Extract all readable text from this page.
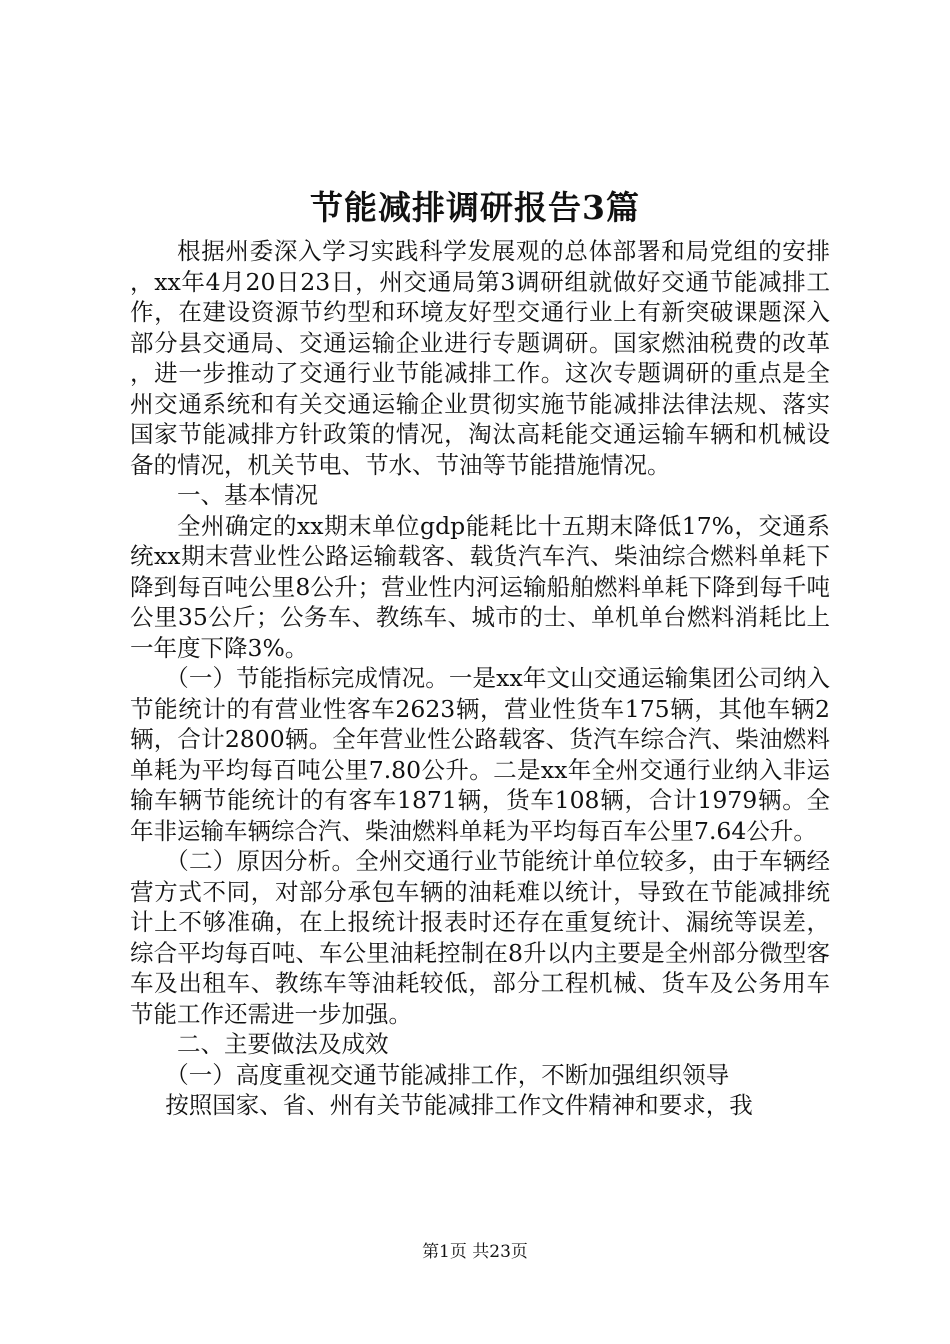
节能减排调研报告3篇

根据州委深入学习实践科学发展观的总体部署和局党组的安排，xx年4月20日23日，州交通局第3调研组就做好交通节能减排工作，在建设资源节约型和环境友好型交通行业上有新突破课题深入部分县交通局、交通运输企业进行专题调研。国家燃油税费的改革，进一步推动了交通行业节能减排工作。这次专题调研的重点是全州交通系统和有关交通运输企业贯彻实施节能减排法律法规、落实国家节能减排方针政策的情况，淘汰高耗能交通运输车辆和机械设备的情况，机关节电、节水、节油等节能措施情况。

一、基本情况

全州确定的xx期末单位gdp能耗比十五期末降低17%，交通系统xx期末营业性公路运输载客、载货汽车汽、柴油综合燃料单耗下降到每百吨公里8公升；营业性内河运输船舶燃料单耗下降到每千吨公里35公斤；公务车、教练车、城市的士、单机单台燃料消耗比上一年度下降3%。

（一）节能指标完成情况。一是xx年文山交通运输集团公司纳入节能统计的有营业性客车2623辆，营业性货车175辆，其他车辆2辆，合计2800辆。全年营业性公路载客、货汽车综合汽、柴油燃料单耗为平均每百吨公里7.80公升。二是xx年全州交通行业纳入非运输车辆节能统计的有客车1871辆，货车108辆，合计1979辆。全年非运输车辆综合汽、柴油燃料单耗为平均每百车公里7.64公升。

（二）原因分析。全州交通行业节能统计单位较多，由于车辆经营方式不同，对部分承包车辆的油耗难以统计，导致在节能减排统计上不够准确，在上报统计报表时还存在重复统计、漏统等误差，综合平均每百吨、车公里油耗控制在8升以内主要是全州部分微型客车及出租车、教练车等油耗较低，部分工程机械、货车及公务用车节能工作还需进一步加强。

二、主要做法及成效

（一）高度重视交通节能减排工作，不断加强组织领导

按照国家、省、州有关节能减排工作文件精神和要求，我

第1页 共23页
